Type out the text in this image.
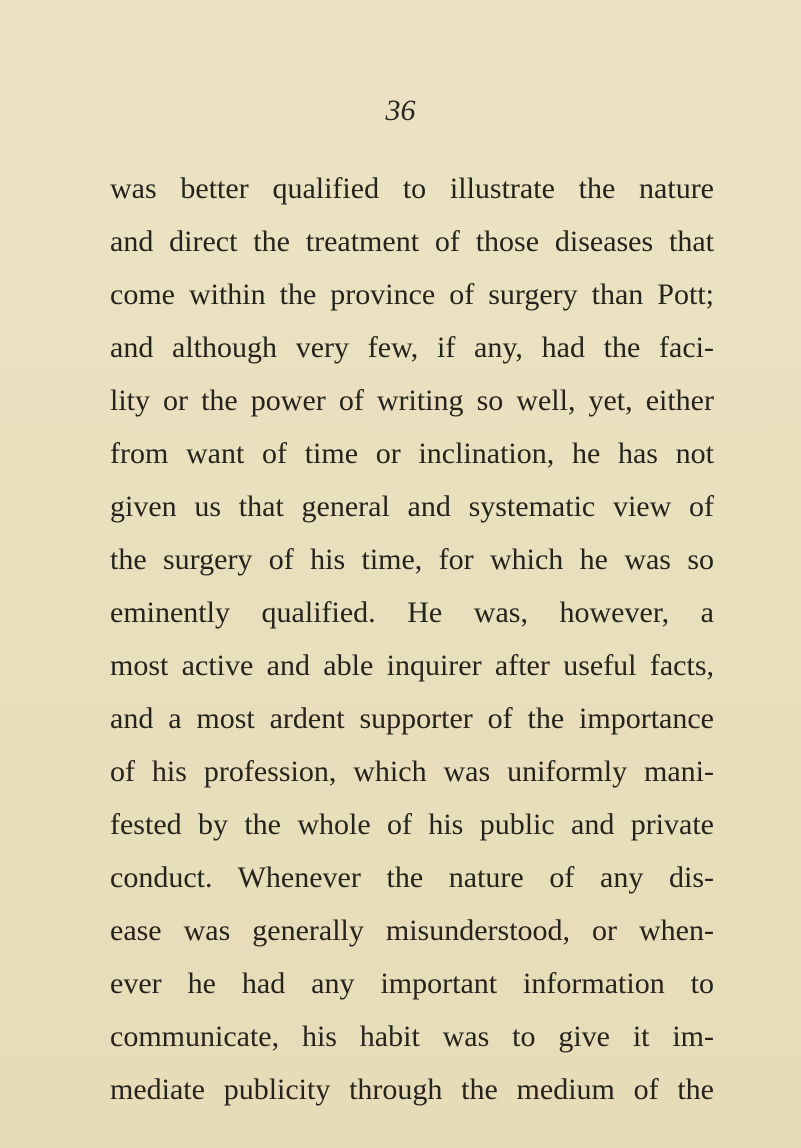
36
was better qualified to illustrate the nature
and direct the treatment of those diseases that
come within the province of surgery than Pott;
and although very few, if any, had the faci-
lity or the power of writing so well, yet, either
from want of time or inclination, he has not
given us that general and systematic view of
the surgery of his time, for which he was so
eminently qualified. He was, however, a
most active and able inquirer after useful facts,
and a most ardent supporter of the importance
of his profession, which was uniformly mani-
fested by the whole of his public and private
conduct. Whenever the nature of any dis-
ease was generally misunderstood, or when-
ever he had any important information to
communicate, his habit was to give it im-
mediate publicity through the medium of the
